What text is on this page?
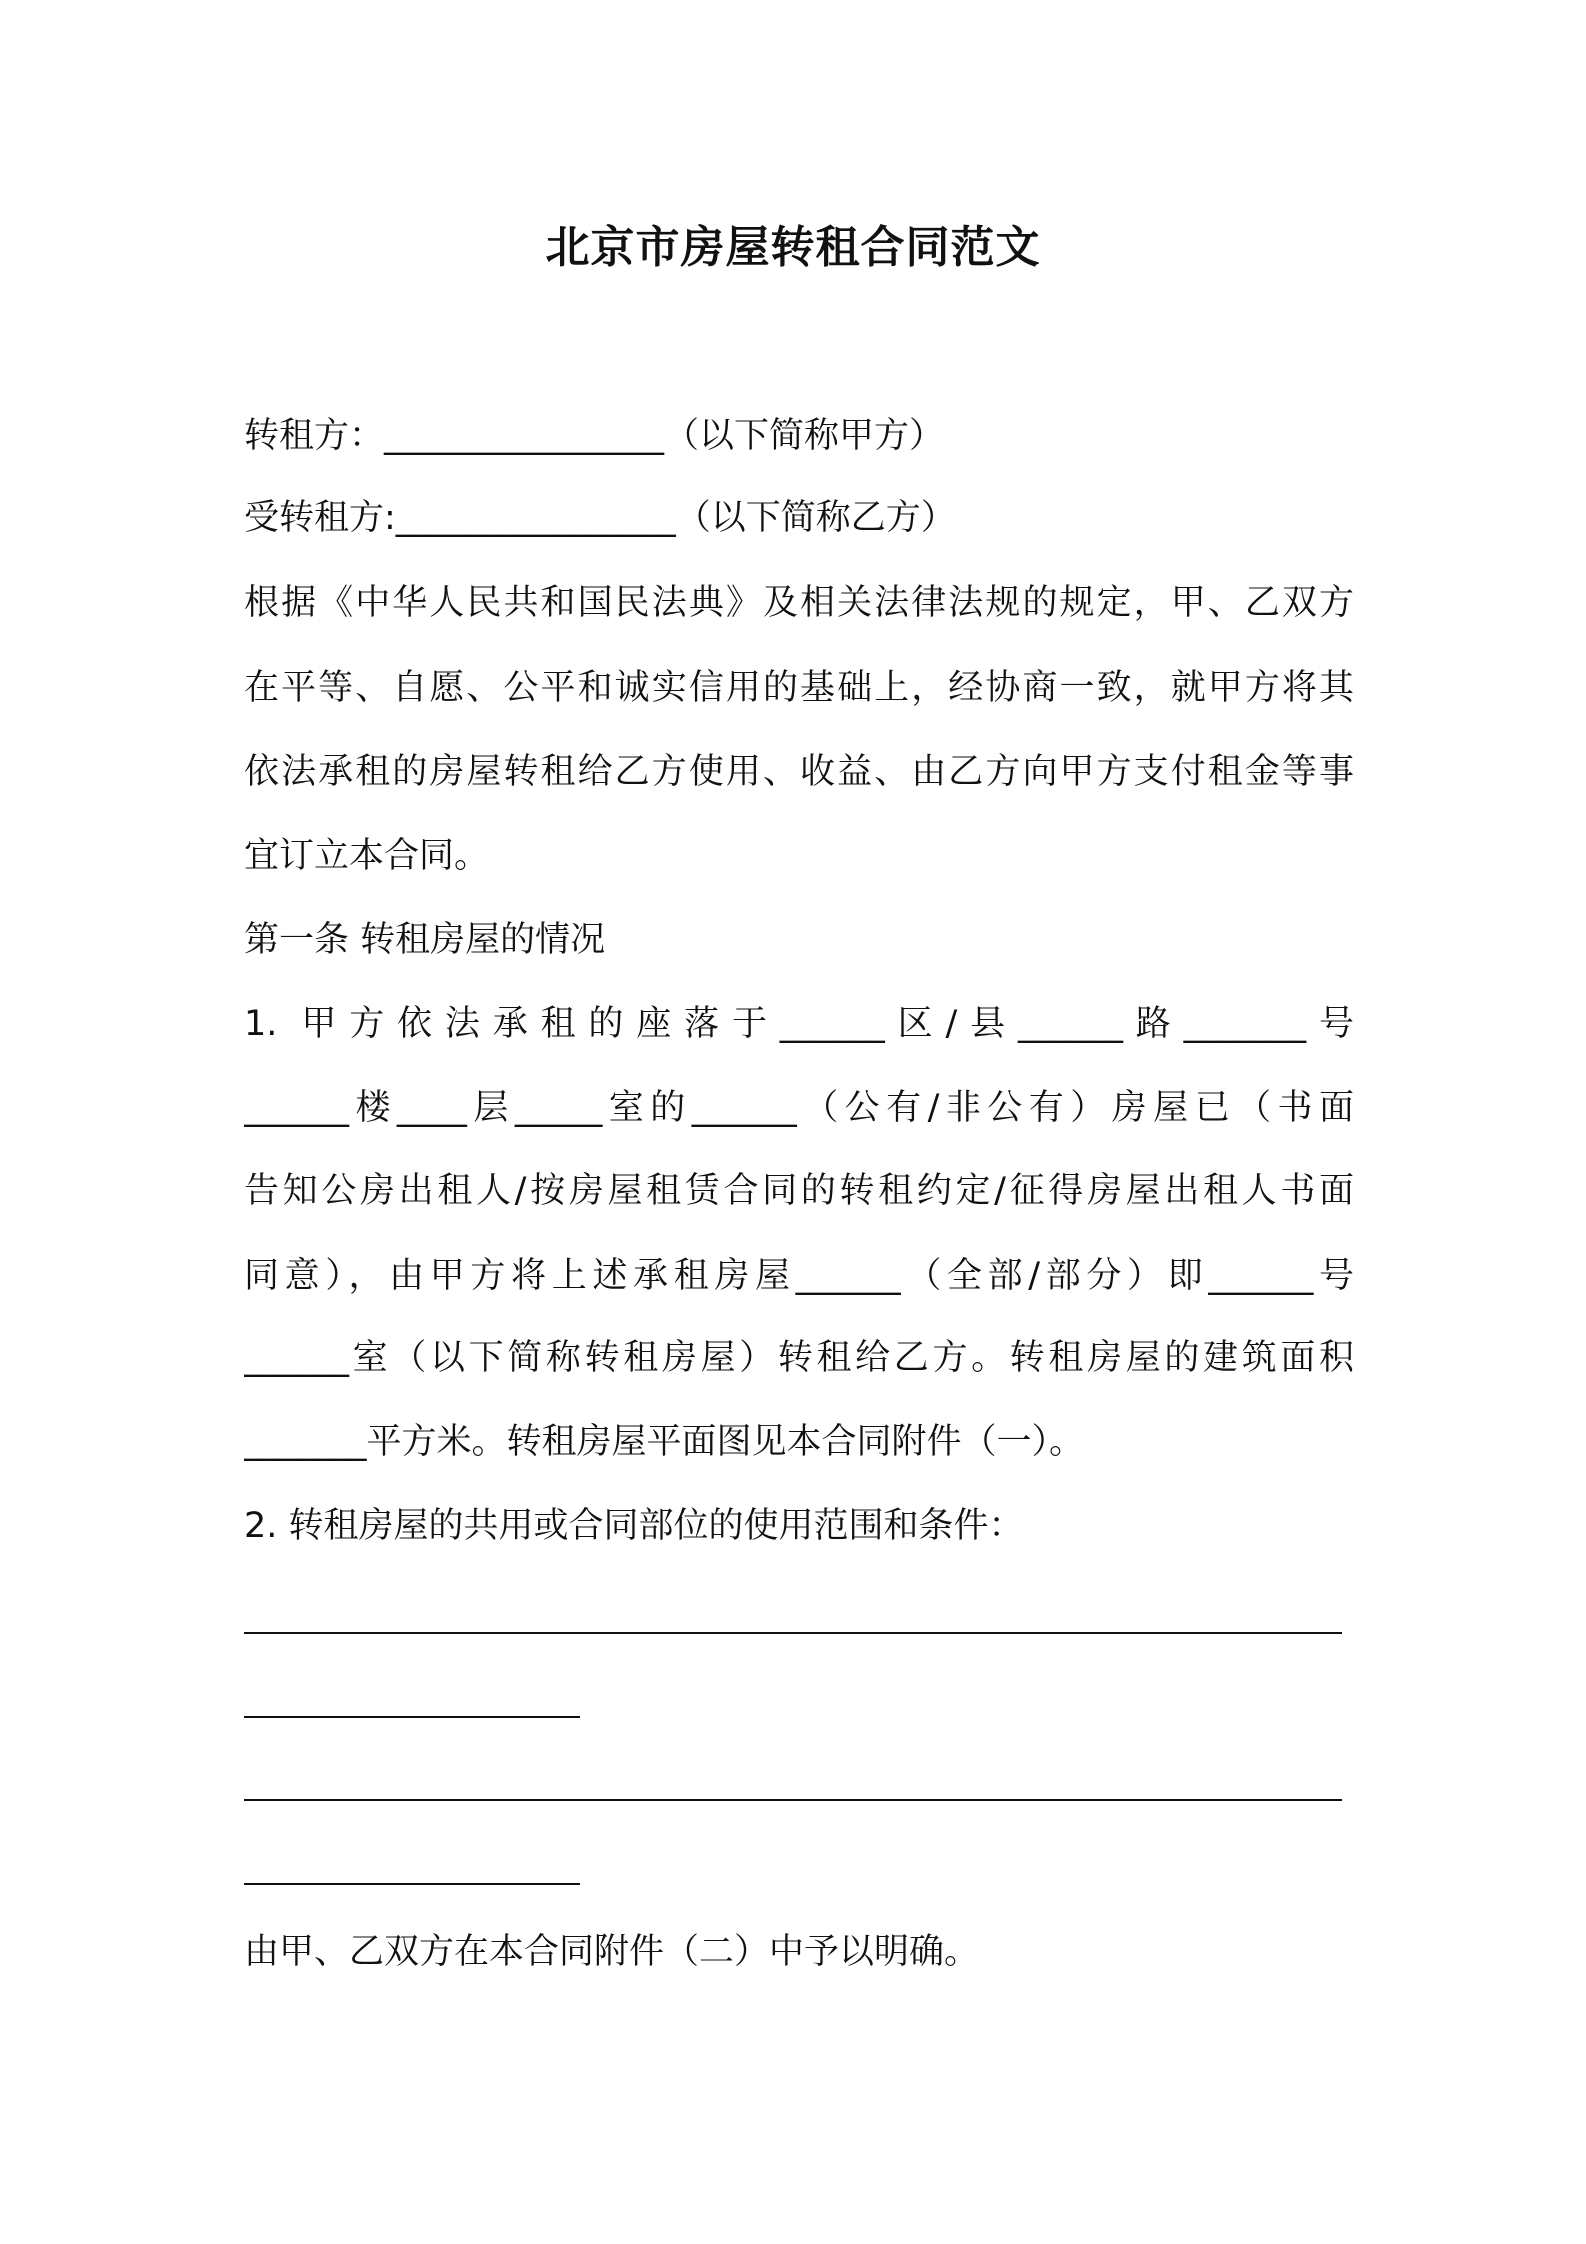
北京市房屋转租合同范文
转租方：________________（以下简称甲方）
受转租方:________________（以下简称乙方）
根据《中华人民共和国民法典》及相关法律法规的规定，甲、乙双方
在平等、自愿、公平和诚实信用的基础上，经协商一致，就甲方将其
依法承租的房屋转租给乙方使用、收益、由乙方向甲方支付租金等事
宜订立本合同。
第一条 转租房屋的情况
1. 甲方依法承租的座落于______区/县______路_______号
______楼____层_____室的______（公有/非公有）房屋已（书面
告知公房出租人/按房屋租赁合同的转租约定/征得房屋出租人书面
同意），由甲方将上述承租房屋______（全部/部分）即______号
______室（以下简称转租房屋）转租给乙方。转租房屋的建筑面积
_______平方米。转租房屋平面图见本合同附件（一）。
2. 转租房屋的共用或合同部位的使用范围和条件：
由甲、乙双方在本合同附件（二）中予以明确。
